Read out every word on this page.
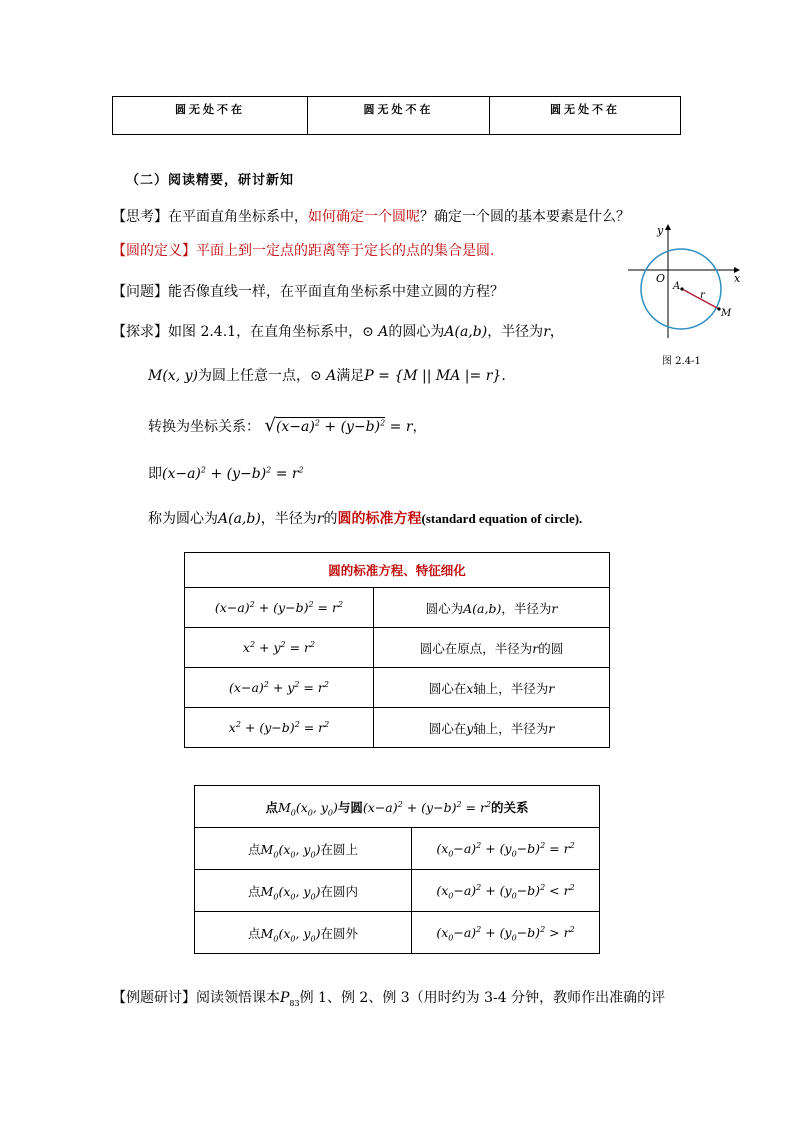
圆无处不在	圆无处不在	圆无处不在
（二）阅读精要，研讨新知
【思考】在平面直角坐标系中，如何确定一个圆呢？确定一个圆的基本要素是什么？
【圆的定义】平面上到一定点的距离等于定长的点的集合是圆.
【问题】能否像直线一样，在平面直角坐标系中建立圆的方程？
【探求】如图 2.4.1，在直角坐标系中，⊙ A的圆心为A(a,b)，半径为r，
M(x, y)为圆上任意一点，⊙ A满足P = {M || MA |= r}.
转换为坐标关系： $√(x-a)^2 + (y-b)^2 = r$，
即$(x-a)^2 + (y-b)^2 = r^2$
称为圆心为A(a,b)，半径为r的圆的标准方程(standard equation of circle).
x
y
O
A
r
M
图 2.4-1
圆的标准方程、特征细化	
$(x-a)^2 + (y-b)^2 = r^2$	圆心为A(a,b)，半径为r
$x^2 + y^2 = r^2$	圆心在原点，半径为r的圆
$(x-a)^2 + y^2 = r^2$	圆心在x轴上，半径为r
$x^2 + (y-b)^2 = r^2$	圆心在y轴上，半径为r
点$M_0(x_0$, $y_0$)与圆$(x-a)^2 + (y-b)^2 = r^2$的关系	
点$M_0(x_0$, $y_0$)在圆上	$(x_0-a)^2 + (y_0-b)^2 = r^2$
点$M_0(x_0$, $y_0$)在圆内	$(x_0-a)^2 + (y_0-b)^2 < r^2$
点$M_0(x_0$, $y_0$)在圆外	$(x_0-a)^2 + (y_0-b)^2 > r^2$
【例题研讨】阅读领悟课本$P_{83}$例 1、例 2、例 3（用时约为 3-4 分钟，教师作出准确的评
